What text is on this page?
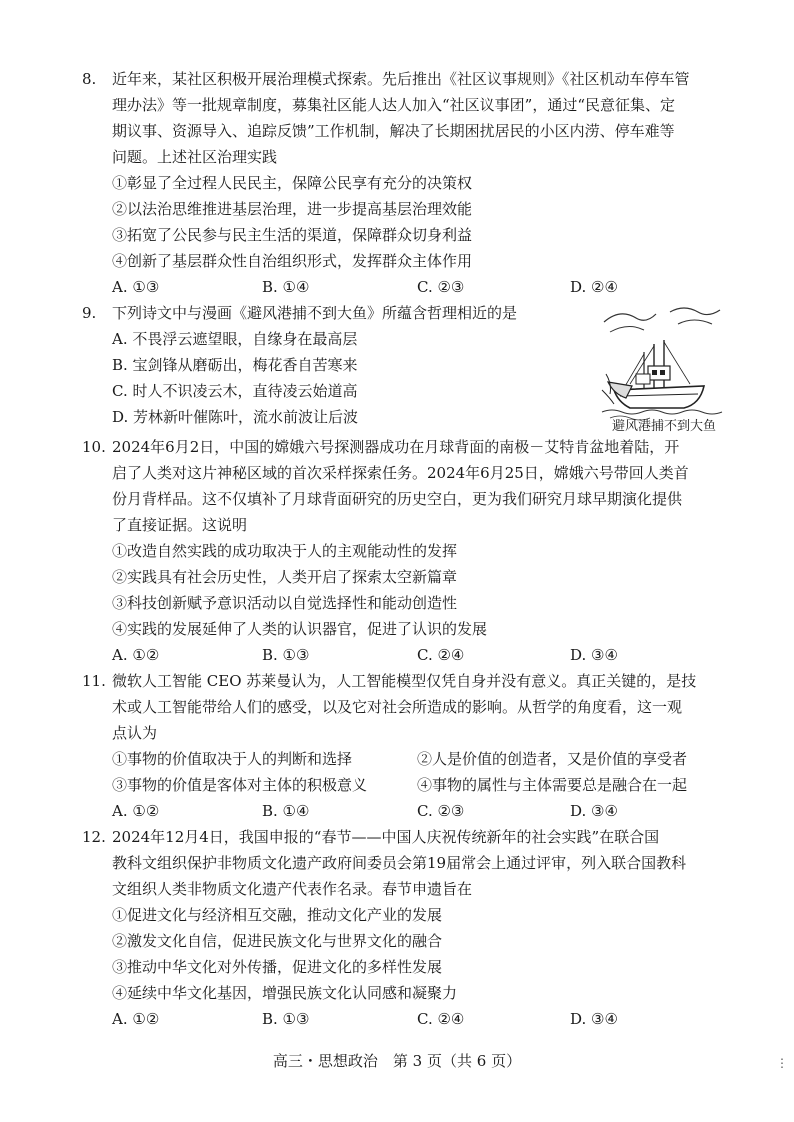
8. 近年来，某社区积极开展治理模式探索。先后推出《社区议事规则》《社区机动车停车管
理办法》等一批规章制度，募集社区能人达人加入“社区议事团”，通过“民意征集、定
期议事、资源导入、追踪反馈”工作机制，解决了长期困扰居民的小区内涝、停车难等
问题。上述社区治理实践
①彰显了全过程人民民主，保障公民享有充分的决策权
②以法治思维推进基层治理，进一步提高基层治理效能
③拓宽了公民参与民主生活的渠道，保障群众切身利益
④创新了基层群众性自治组织形式，发挥群众主体作用
A. ①③	B. ①④	C. ②③	D. ②④
9. 下列诗文中与漫画《避风港捕不到大鱼》所蕴含哲理相近的是
A. 不畏浮云遮望眼，自缘身在最高层
B. 宝剑锋从磨砺出，梅花香自苦寒来
C. 时人不识凌云木，直待凌云始道高
D. 芳林新叶催陈叶，流水前波让后波
避风港捕不到大鱼
10. 2024年6月2日，中国的嫦娥六号探测器成功在月球背面的南极－艾特肯盆地着陆，开
启了人类对这片神秘区域的首次采样探索任务。2024年6月25日，嫦娥六号带回人类首
份月背样品。这不仅填补了月球背面研究的历史空白，更为我们研究月球早期演化提供
了直接证据。这说明
①改造自然实践的成功取决于人的主观能动性的发挥
②实践具有社会历史性，人类开启了探索太空新篇章
③科技创新赋予意识活动以自觉选择性和能动创造性
④实践的发展延伸了人类的认识器官，促进了认识的发展
A. ①②	B. ①③	C. ②④	D. ③④
11. 微软人工智能 CEO 苏莱曼认为，人工智能模型仅凭自身并没有意义。真正关键的，是技
术或人工智能带给人们的感受，以及它对社会所造成的影响。从哲学的角度看，这一观
点认为
①事物的价值取决于人的判断和选择	②人是价值的创造者，又是价值的享受者
③事物的价值是客体对主体的积极意义	④事物的属性与主体需要总是融合在一起
A. ①②	B. ①④	C. ②③	D. ③④
12. 2024年12月4日，我国申报的“春节——中国人庆祝传统新年的社会实践”在联合国
教科文组织保护非物质文化遗产政府间委员会第19届常会上通过评审，列入联合国教科
文组织人类非物质文化遗产代表作名录。春节申遗旨在
①促进文化与经济相互交融，推动文化产业的发展
②激发文化自信，促进民族文化与世界文化的融合
③推动中华文化对外传播，促进文化的多样性发展
④延续中华文化基因，增强民族文化认同感和凝聚力
A. ①②	B. ①③	C. ②④	D. ③④
高三・思想政治　第 3 页（共 6 页）	⋮
